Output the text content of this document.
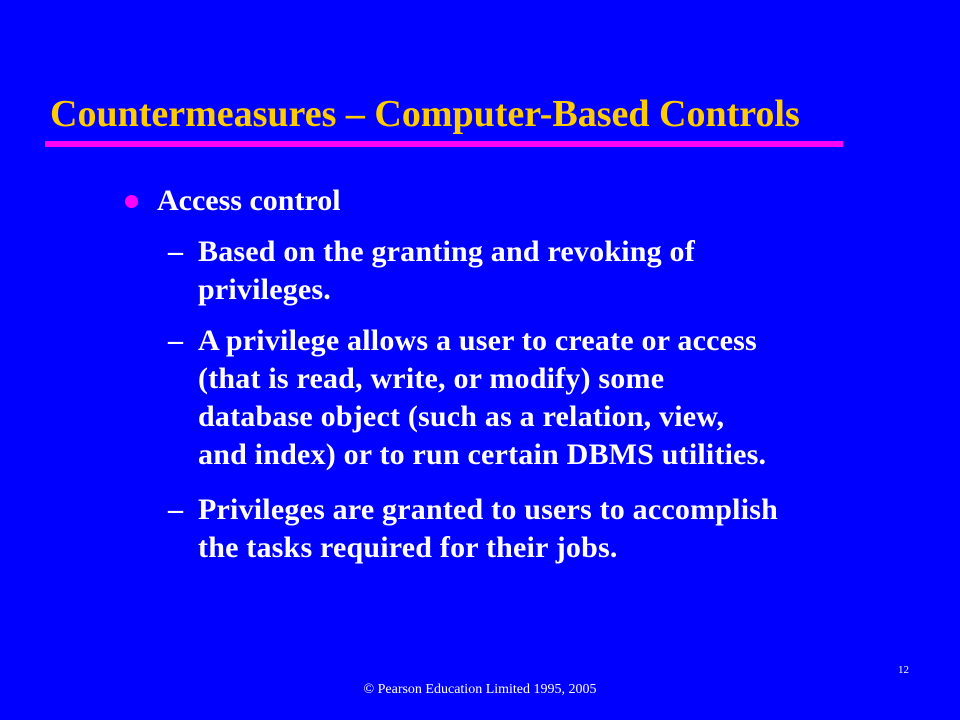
Countermeasures – Computer-Based Controls
Access control
– Based on the granting and revoking of
privileges.
– A privilege allows a user to create or access
(that is read, write, or modify) some
database object (such as a relation, view,
and index) or to run certain DBMS utilities.
– Privileges are granted to users to accomplish
the tasks required for their jobs.
12
© Pearson Education Limited 1995, 2005
